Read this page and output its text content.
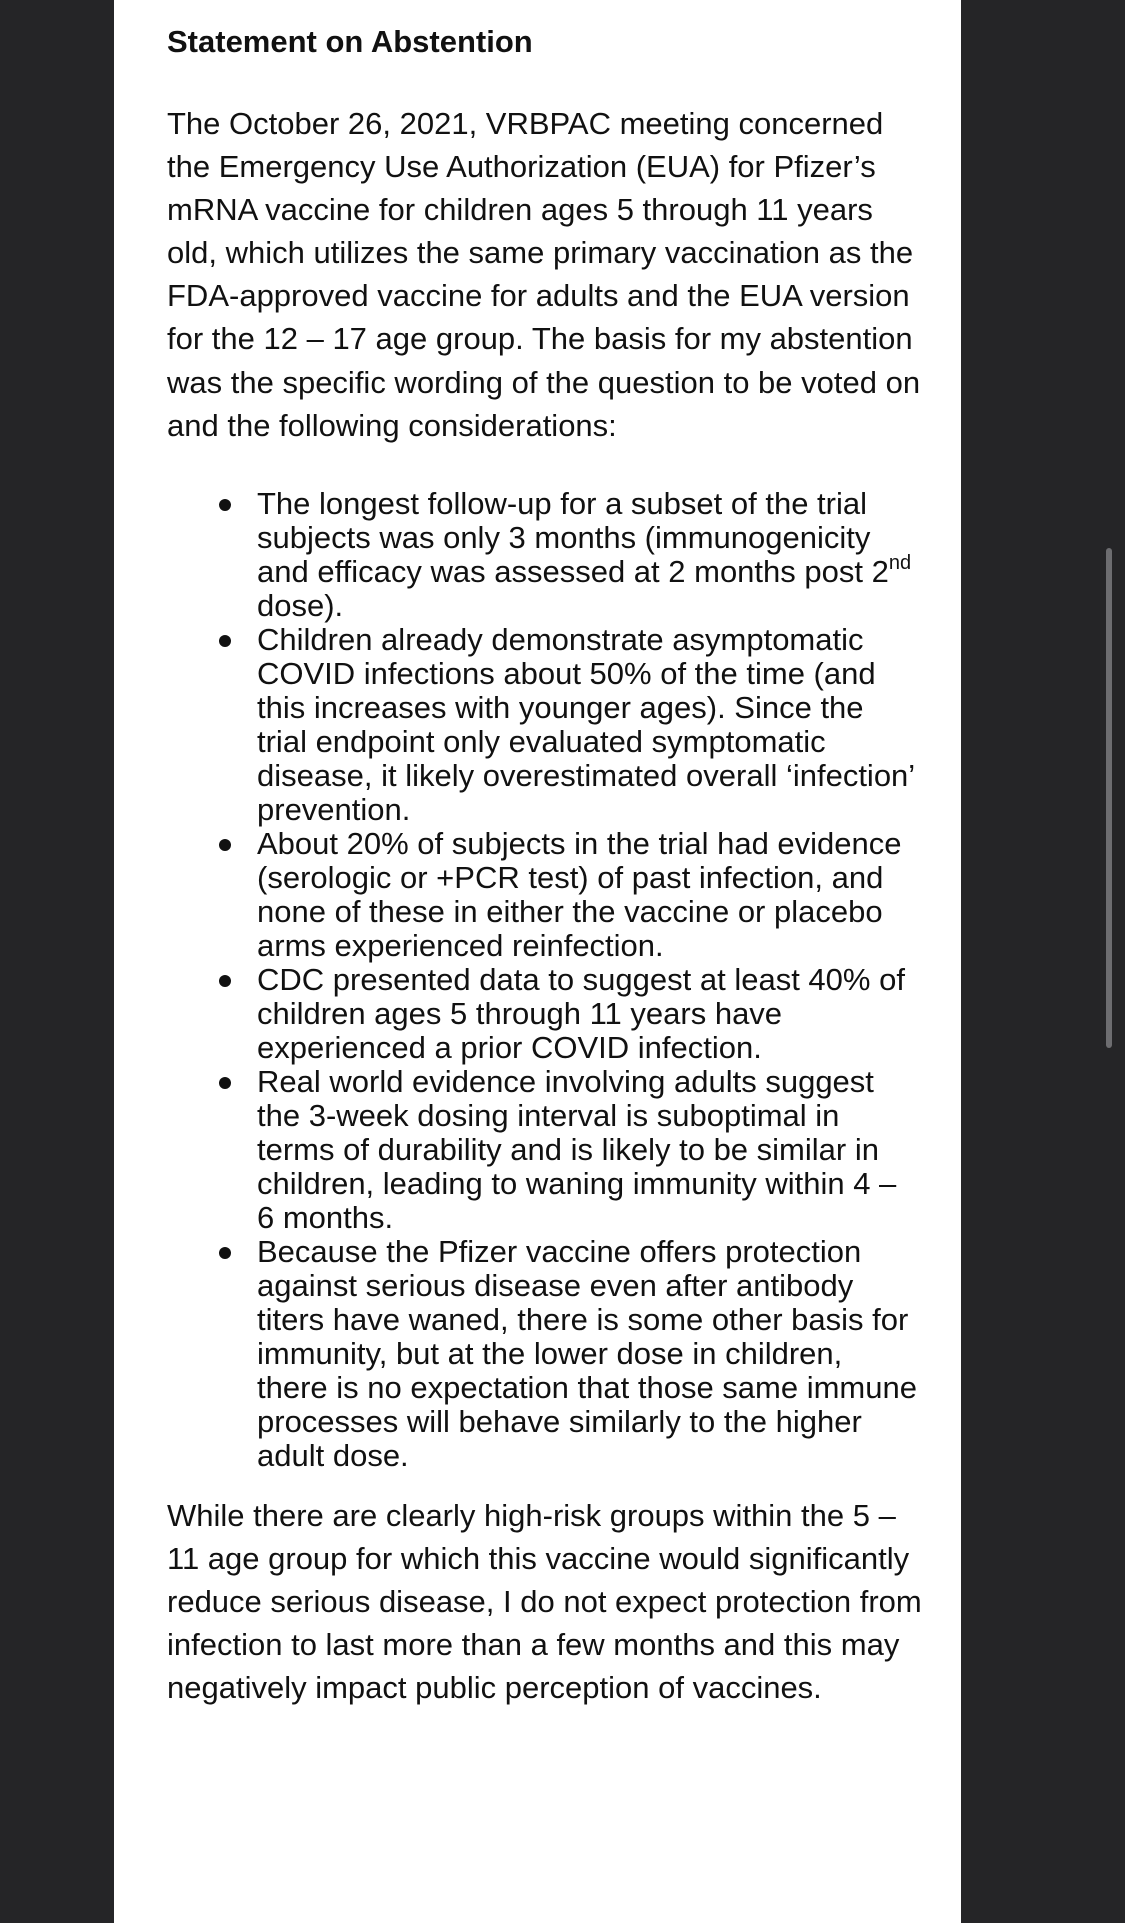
Statement on Abstention

The October 26, 2021, VRBPAC meeting concerned the Emergency Use Authorization (EUA) for Pfizer’s mRNA vaccine for children ages 5 through 11 years old, which utilizes the same primary vaccination as the FDA-approved vaccine for adults and the EUA version for the 12 – 17 age group. The basis for my abstention was the specific wording of the question to be voted on and the following considerations:

The longest follow-up for a subset of the trial subjects was only 3 months (immunogenicity and efficacy was assessed at 2 months post 2nd dose).
Children already demonstrate asymptomatic COVID infections about 50% of the time (and this increases with younger ages). Since the trial endpoint only evaluated symptomatic disease, it likely overestimated overall ‘infection’ prevention.
About 20% of subjects in the trial had evidence (serologic or +PCR test) of past infection, and none of these in either the vaccine or placebo arms experienced reinfection.
CDC presented data to suggest at least 40% of children ages 5 through 11 years have experienced a prior COVID infection.
Real world evidence involving adults suggest the 3-week dosing interval is suboptimal in terms of durability and is likely to be similar in children, leading to waning immunity within 4 – 6 months.
Because the Pfizer vaccine offers protection against serious disease even after antibody titers have waned, there is some other basis for immunity, but at the lower dose in children, there is no expectation that those same immune processes will behave similarly to the higher adult dose.

While there are clearly high-risk groups within the 5 – 11 age group for which this vaccine would significantly reduce serious disease, I do not expect protection from infection to last more than a few months and this may negatively impact public perception of vaccines.
